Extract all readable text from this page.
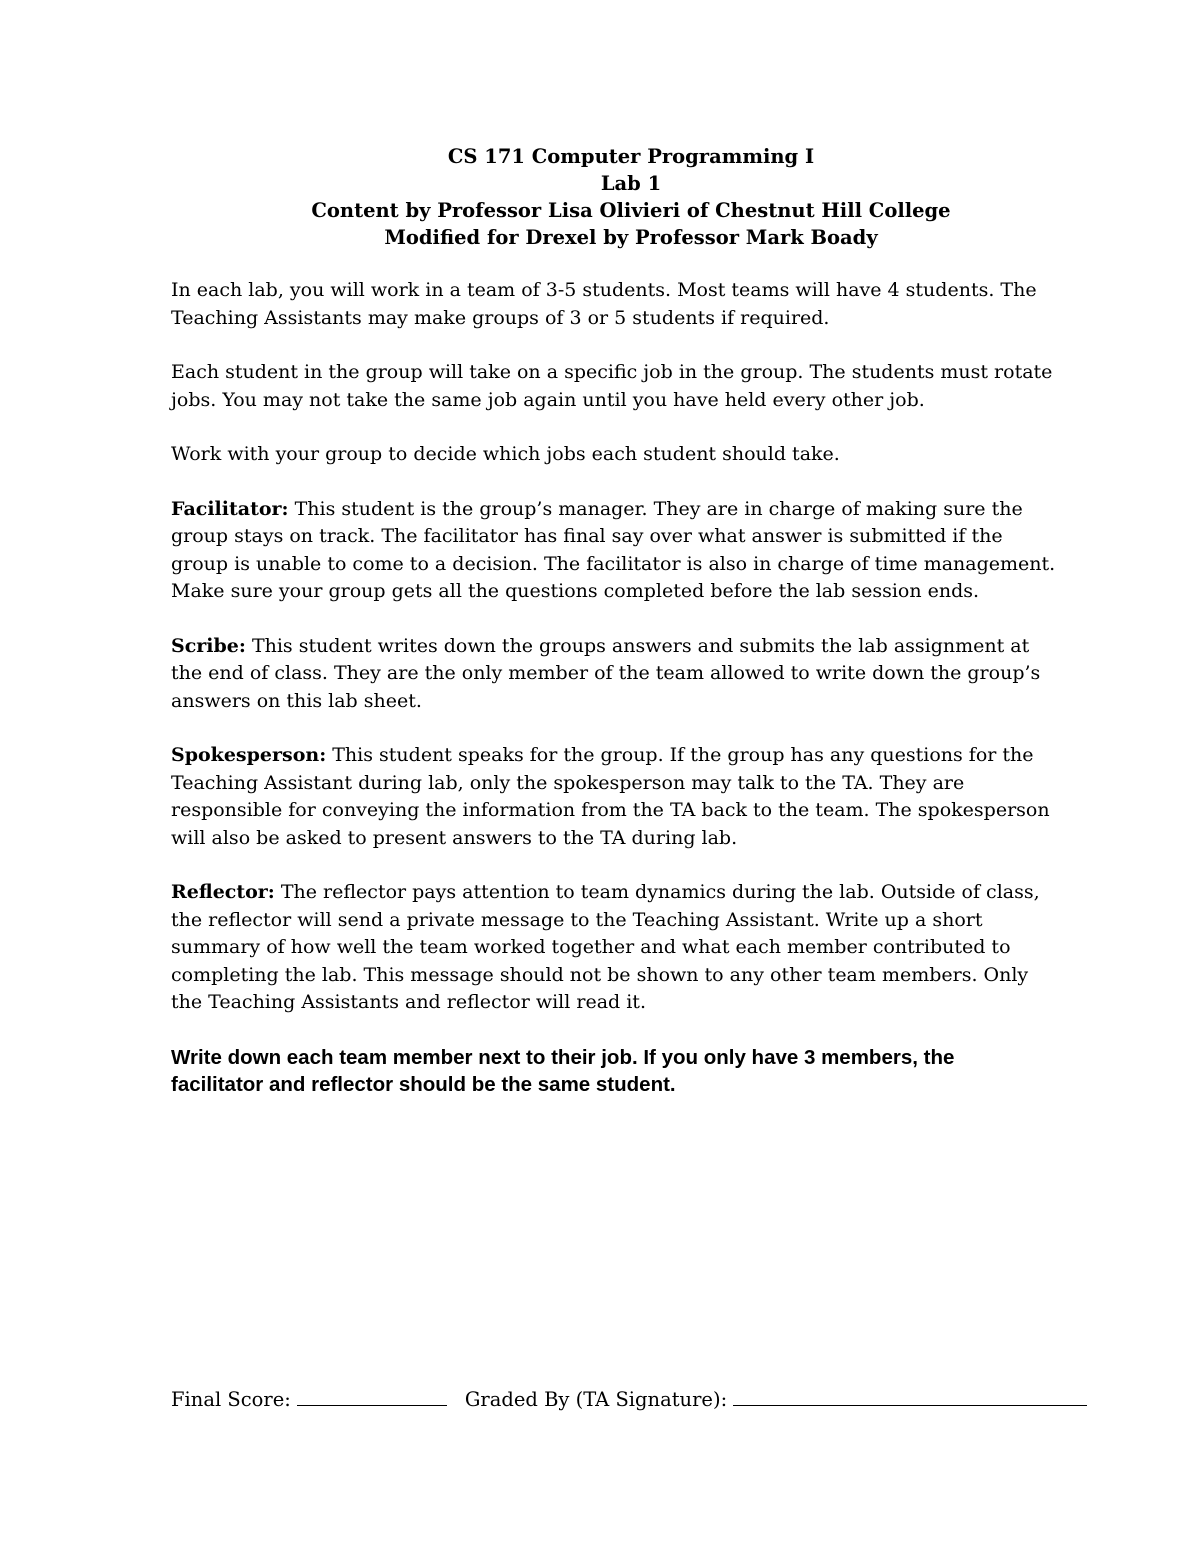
CS 171 Computer Programming I
Lab 1
Content by Professor Lisa Olivieri of Chestnut Hill College
Modified for Drexel by Professor Mark Boady

In each lab, you will work in a team of 3-5 students. Most teams will have 4 students. The
Teaching Assistants may make groups of 3 or 5 students if required.

Each student in the group will take on a specific job in the group. The students must rotate
jobs. You may not take the same job again until you have held every other job.

Work with your group to decide which jobs each student should take.

Facilitator: This student is the group’s manager. They are in charge of making sure the
group stays on track. The facilitator has final say over what answer is submitted if the
group is unable to come to a decision. The facilitator is also in charge of time management.
Make sure your group gets all the questions completed before the lab session ends.

Scribe: This student writes down the groups answers and submits the lab assignment at
the end of class. They are the only member of the team allowed to write down the group’s
answers on this lab sheet.

Spokesperson: This student speaks for the group. If the group has any questions for the
Teaching Assistant during lab, only the spokesperson may talk to the TA. They are
responsible for conveying the information from the TA back to the team. The spokesperson
will also be asked to present answers to the TA during lab.

Reflector: The reflector pays attention to team dynamics during the lab. Outside of class,
the reflector will send a private message to the Teaching Assistant. Write up a short
summary of how well the team worked together and what each member contributed to
completing the lab. This message should not be shown to any other team members. Only
the Teaching Assistants and reflector will read it.

Write down each team member next to their job. If you only have 3 members, the
facilitator and reflector should be the same student.

Final Score:	Graded By (TA Signature):
